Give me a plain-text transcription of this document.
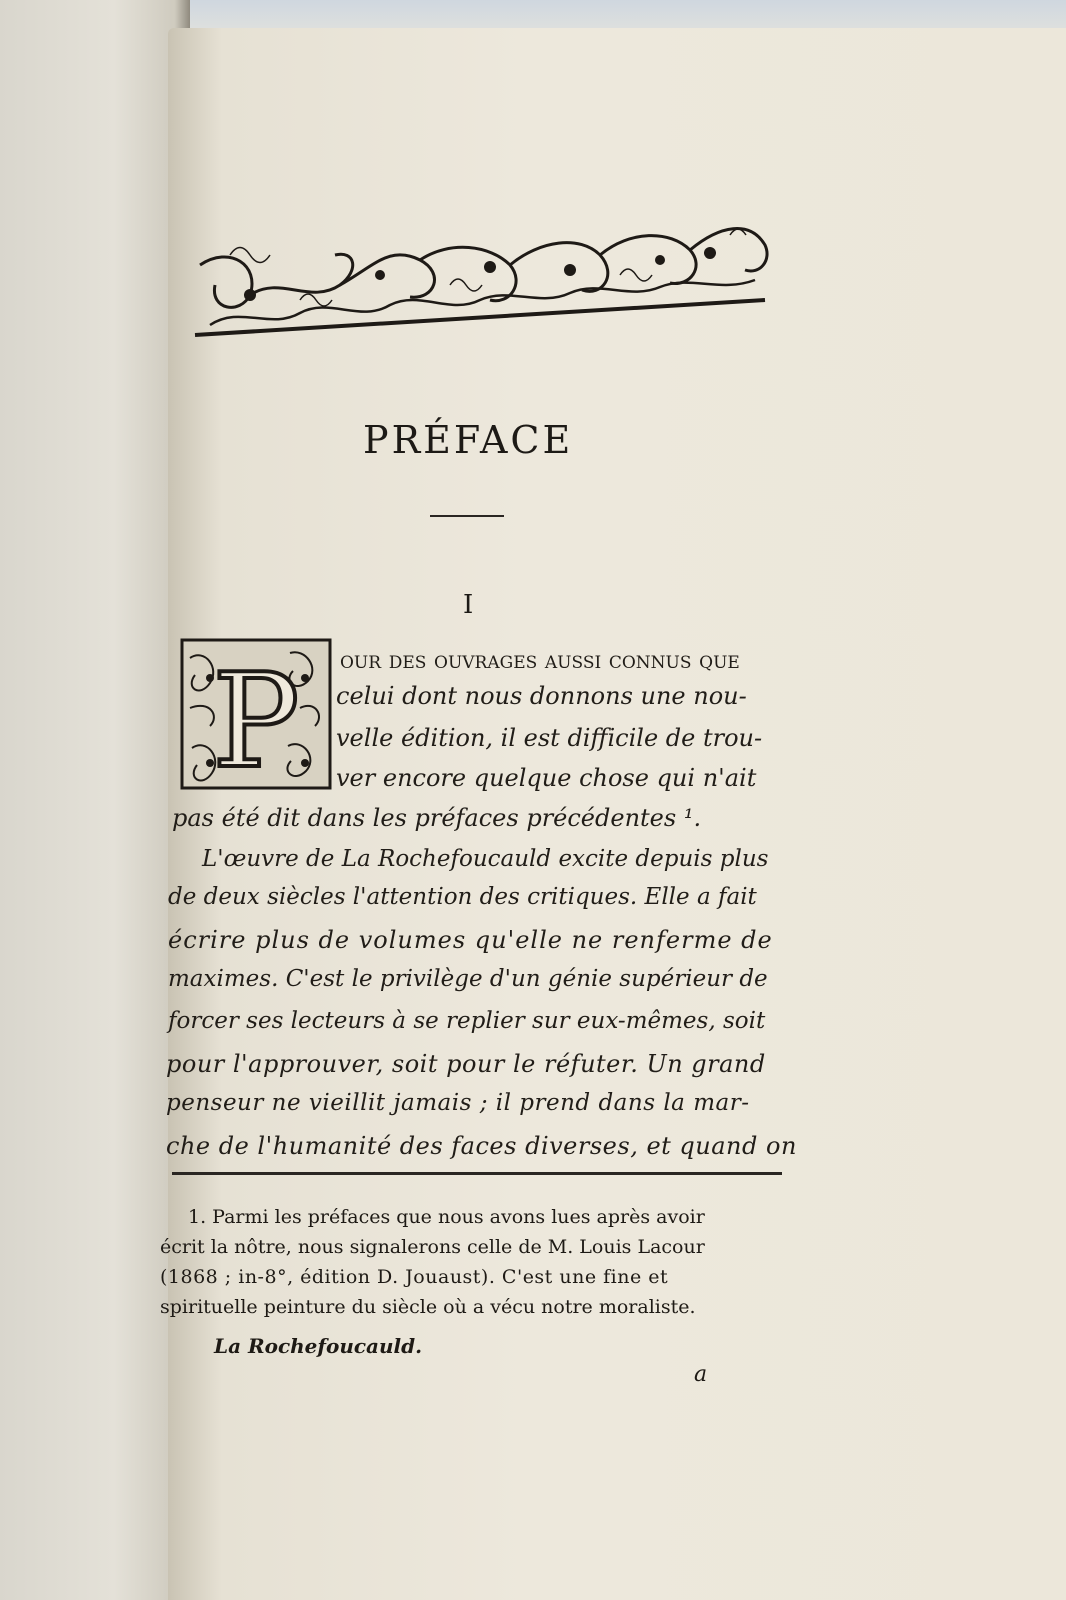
PRÉFACE
I
P our des ouvrages aussi connus que

celui dont nous donnons une nou-

velle édition, il est difficile de trou-

ver encore quelque chose qui n'ait

pas été dit dans les préfaces précédentes ¹.

L'œuvre de La Rochefoucauld excite depuis plus

de deux siècles l'attention des critiques. Elle a fait

écrire plus de volumes qu'elle ne renferme de

maximes. C'est le privilège d'un génie supérieur de

forcer ses lecteurs à se replier sur eux-mêmes, soit

pour l'approuver, soit pour le réfuter. Un grand

penseur ne vieillit jamais ; il prend dans la mar-

che de l'humanité des faces diverses, et quand on

1. Parmi les préfaces que nous avons lues après avoir

écrit la nôtre, nous signalerons celle de M. Louis Lacour

(1868 ; in-8°, édition D. Jouaust). C'est une fine et

spirituelle peinture du siècle où a vécu notre moraliste.

La Rochefoucauld.

a
